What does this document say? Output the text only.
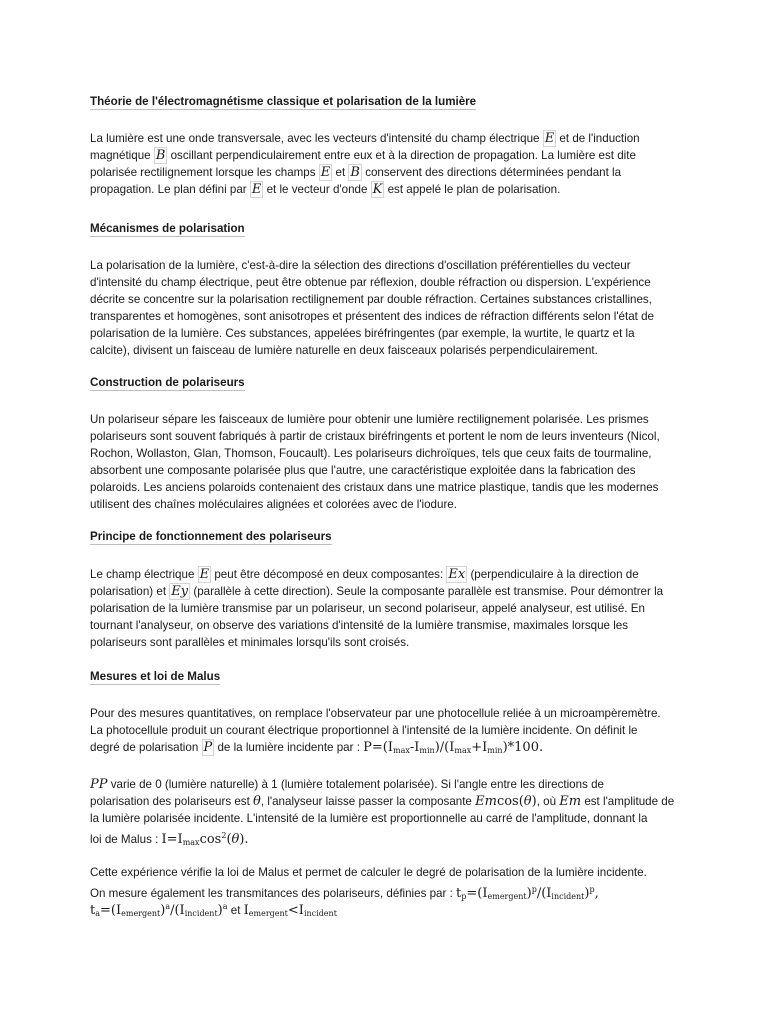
Théorie de l'électromagnétisme classique et polarisation de la lumière
La lumière est une onde transversale, avec les vecteurs d'intensité du champ électrique E et de l'induction
magnétique B oscillant perpendiculairement entre eux et à la direction de propagation. La lumière est dite
polarisée rectilignement lorsque les champs E et B conservent des directions déterminées pendant la
propagation. Le plan défini par E et le vecteur d'onde K est appelé le plan de polarisation.
Mécanismes de polarisation
La polarisation de la lumière, c'est-à-dire la sélection des directions d'oscillation préférentielles du vecteur
d'intensité du champ électrique, peut être obtenue par réflexion, double réfraction ou dispersion. L'expérience
décrite se concentre sur la polarisation rectilignement par double réfraction. Certaines substances cristallines,
transparentes et homogènes, sont anisotropes et présentent des indices de réfraction différents selon l'état de
polarisation de la lumière. Ces substances, appelées biréfringentes (par exemple, la wurtite, le quartz et la
calcite), divisent un faisceau de lumière naturelle en deux faisceaux polarisés perpendiculairement.
Construction de polariseurs
Un polariseur sépare les faisceaux de lumière pour obtenir une lumière rectilignement polarisée. Les prismes
polariseurs sont souvent fabriqués à partir de cristaux biréfringents et portent le nom de leurs inventeurs (Nicol,
Rochon, Wollaston, Glan, Thomson, Foucault). Les polariseurs dichroïques, tels que ceux faits de tourmaline,
absorbent une composante polarisée plus que l'autre, une caractéristique exploitée dans la fabrication des
polaroids. Les anciens polaroids contenaient des cristaux dans une matrice plastique, tandis que les modernes
utilisent des chaînes moléculaires alignées et colorées avec de l'iodure.
Principe de fonctionnement des polariseurs
Le champ électrique E peut être décomposé en deux composantes: Ex (perpendiculaire à la direction de
polarisation) et Ey (parallèle à cette direction). Seule la composante parallèle est transmise. Pour démontrer la
polarisation de la lumière transmise par un polariseur, un second polariseur, appelé analyseur, est utilisé. En
tournant l'analyseur, on observe des variations d'intensité de la lumière transmise, maximales lorsque les
polariseurs sont parallèles et minimales lorsqu'ils sont croisés.
Mesures et loi de Malus
Pour des mesures quantitatives, on remplace l'observateur par une photocellule reliée à un microampèremètre.
La photocellule produit un courant électrique proportionnel à l'intensité de la lumière incidente. On définit le
degré de polarisation P de la lumière incidente par : $P=(I_{max}-I_{min})/(I_{max}+I_{min})*100$.
PP varie de 0 (lumière naturelle) à 1 (lumière totalement polarisée). Si l'angle entre les directions de
polarisation des polariseurs est θ, l'analyseur laisse passer la composante Emcos(θ), où Em est l'amplitude de
la lumière polarisée incidente. L'intensité de la lumière est proportionnelle au carré de l'amplitude, donnant la
loi de Malus : $I=I_{max}\cos^2(\theta)$.
Cette expérience vérifie la loi de Malus et permet de calculer le degré de polarisation de la lumière incidente.
On mesure également les transmitances des polariseurs, définies par : $t_p=(I_{emergent})^p/(I_{incident})^p$,
$t_a=(I_{emergent})^a/(I_{incident})^a$ et $I_{emergent}<I_{incident}$
